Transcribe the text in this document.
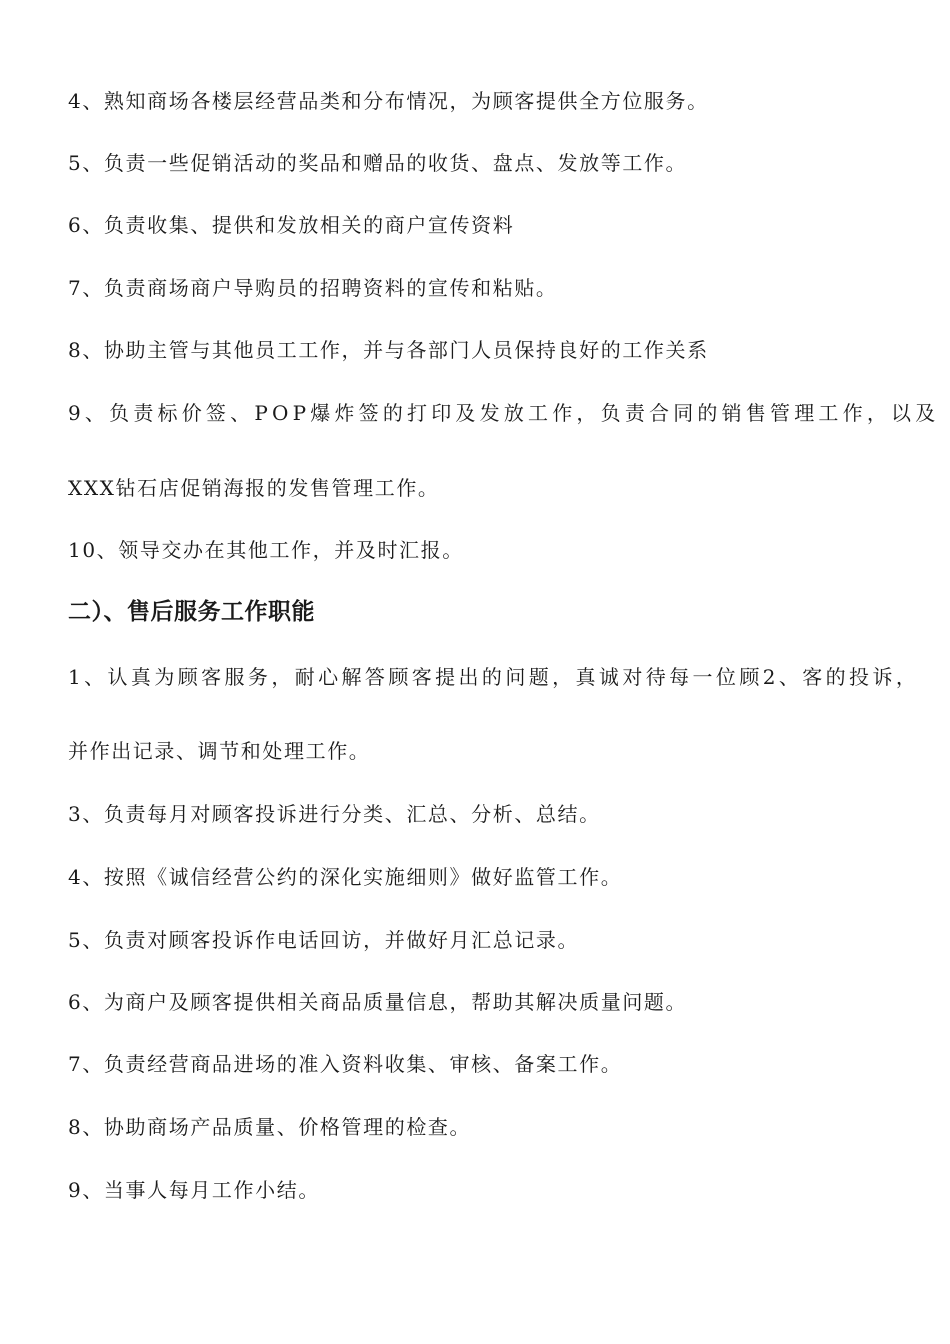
4、熟知商场各楼层经营品类和分布情况，为顾客提供全方位服务。
5、负责一些促销活动的奖品和赠品的收货、盘点、发放等工作。
6、负责收集、提供和发放相关的商户宣传资料
7、负责商场商户导购员的招聘资料的宣传和粘贴。
8、协助主管与其他员工工作，并与各部门人员保持良好的工作关系
9、负责标价签、POP爆炸签的打印及发放工作，负责合同的销售管理工作，以及
XXX钻石店促销海报的发售管理工作。
10、领导交办在其他工作，并及时汇报。
二）、售后服务工作职能
1、认真为顾客服务，耐心解答顾客提出的问题，真诚对待每一位顾2、客的投诉，
并作出记录、调节和处理工作。
3、负责每月对顾客投诉进行分类、汇总、分析、总结。
4、按照《诚信经营公约的深化实施细则》做好监管工作。
5、负责对顾客投诉作电话回访，并做好月汇总记录。
6、为商户及顾客提供相关商品质量信息，帮助其解决质量问题。
7、负责经营商品进场的准入资料收集、审核、备案工作。
8、协助商场产品质量、价格管理的检查。
9、当事人每月工作小结。
